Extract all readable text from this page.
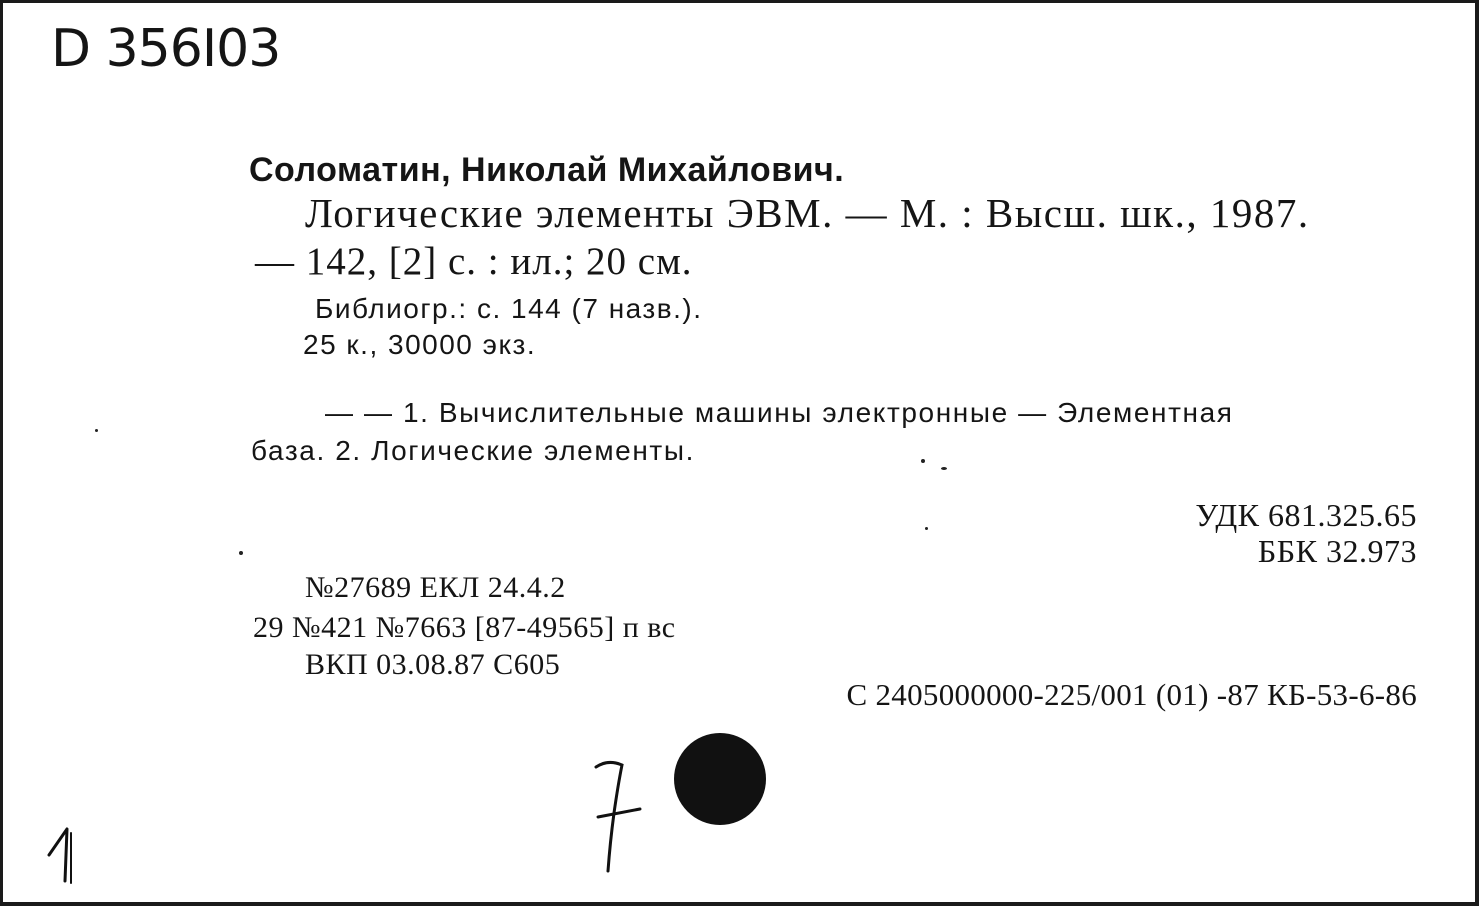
D 356I03
Соломатин, Николай Михайлович.
Логические элементы ЭВМ. — М. : Высш. шк., 1987.
— 142, [2] с. : ил.; 20 см.
Библиогр.: с. 144 (7 назв.).
25 к., 30000 экз.
— — 1. Вычислительные машины электронные — Элементная
база. 2. Логические элементы.
УДК 681.325.65
ББК 32.973
№27689 ЕКЛ 24.4.2
29 №421 №7663 [87-49565] п вс
ВКП 03.08.87 С605
С 2405000000-225/001 (01) -87 КБ-53-6-86
